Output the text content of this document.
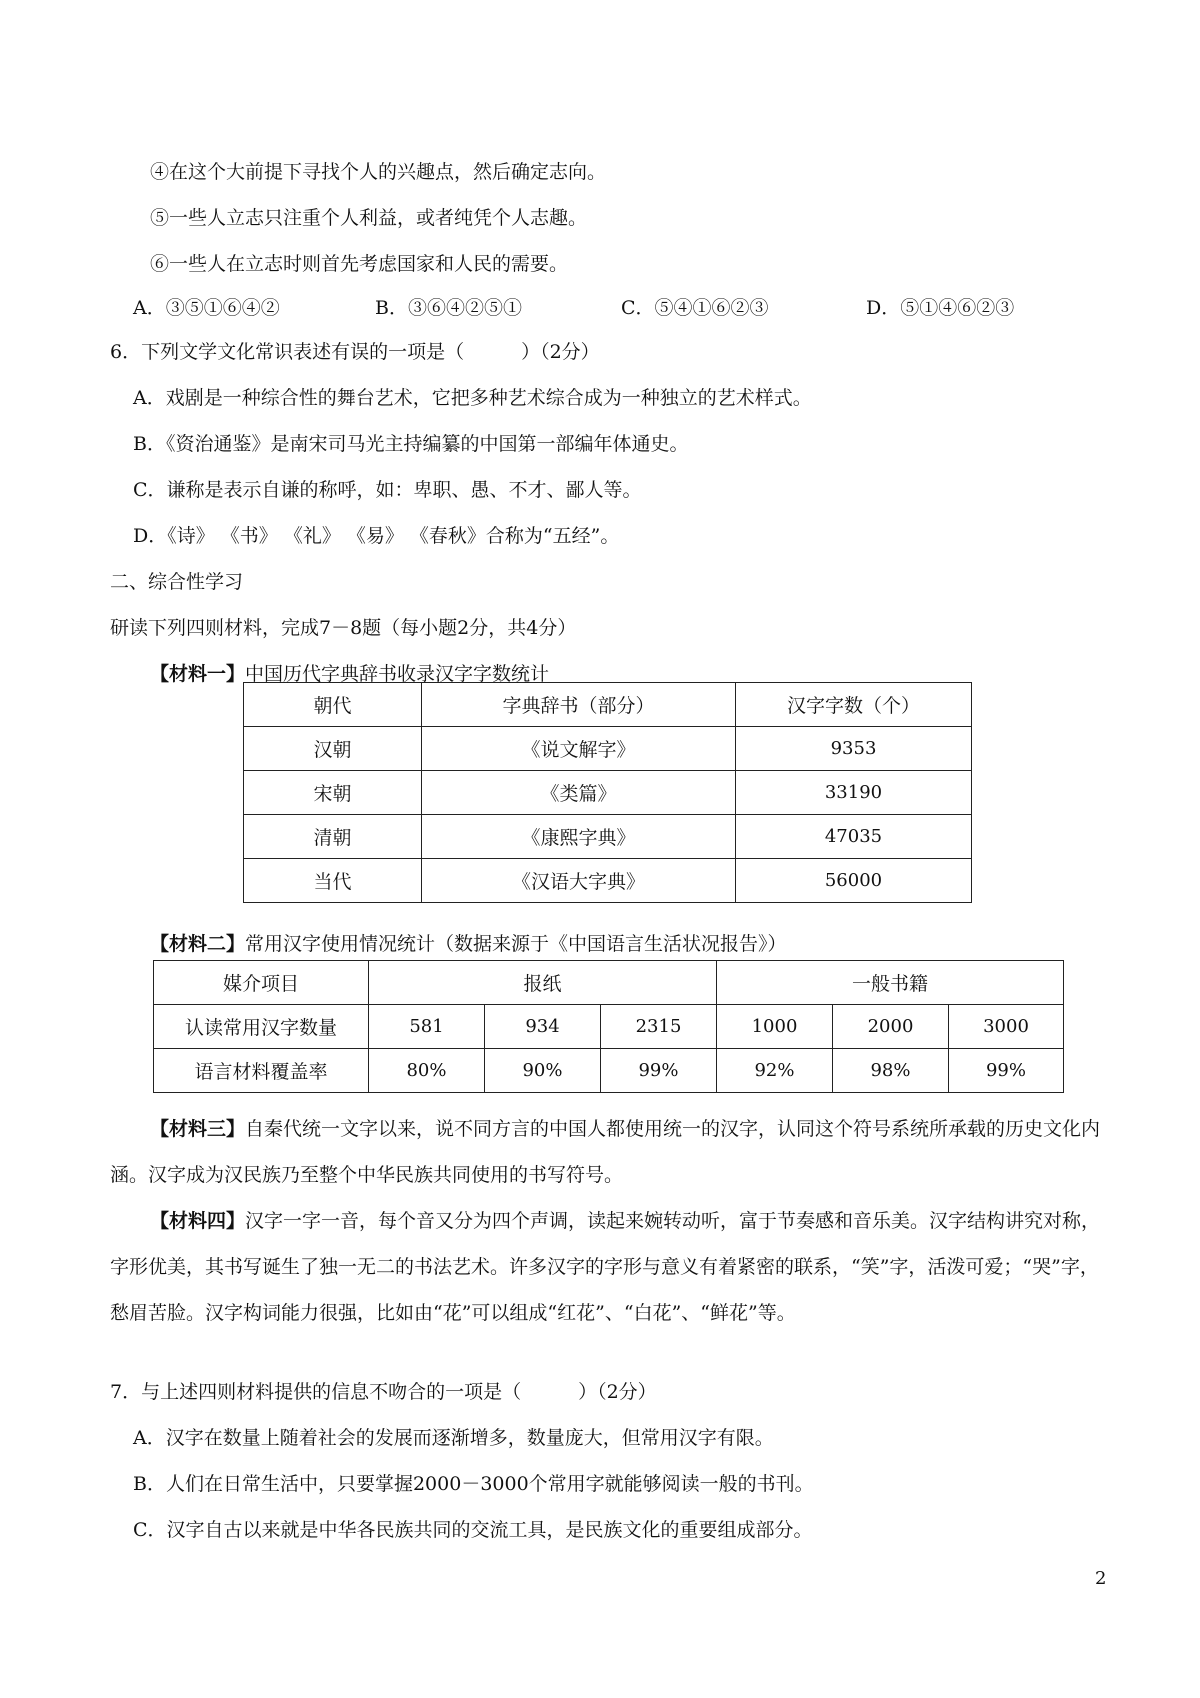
④在这个大前提下寻找个人的兴趣点，然后确定志向。
⑤一些人立志只注重个人利益，或者纯凭个人志趣。
⑥一些人在立志时则首先考虑国家和人民的需要。
A．③⑤①⑥④②	B．③⑥④②⑤①	C．⑤④①⑥②③	D．⑤①④⑥②③
6．下列文学文化常识表述有误的一项是（　　　）（2分）
A．戏剧是一种综合性的舞台艺术，它把多种艺术综合成为一种独立的艺术样式。
B．《资治通鉴》是南宋司马光主持编纂的中国第一部编年体通史。
C．谦称是表示自谦的称呼，如：卑职、愚、不才、鄙人等。
D．《诗》 《书》 《礼》 《易》 《春秋》合称为“五经”。
二、综合性学习
研读下列四则材料，完成7－8题（每小题2分，共4分）
【材料一】中国历代字典辞书收录汉字字数统计
朝代	字典辞书（部分）	汉字字数（个）
汉朝	《说文解字》	9353
宋朝	《类篇》	33190
清朝	《康熙字典》	47035
当代	《汉语大字典》	56000
【材料二】常用汉字使用情况统计（数据来源于《中国语言生活状况报告》）
媒介项目	报纸			一般书籍		
认读常用汉字数量	581	934	2315	1000	2000	3000
语言材料覆盖率	80%	90%	99%	92%	98%	99%
【材料三】自秦代统一文字以来，说不同方言的中国人都使用统一的汉字，认同这个符号系统所承载的历史文化内涵。汉字成为汉民族乃至整个中华民族共同使用的书写符号。
【材料四】汉字一字一音，每个音又分为四个声调，读起来婉转动听，富于节奏感和音乐美。汉字结构讲究对称，字形优美，其书写诞生了独一无二的书法艺术。许多汉字的字形与意义有着紧密的联系，“笑”字，活泼可爱；“哭”字，愁眉苦脸。汉字构词能力很强，比如由“花”可以组成“红花”、“白花”、“鲜花”等。
7．与上述四则材料提供的信息不吻合的一项是（　　　）（2分）
A．汉字在数量上随着社会的发展而逐渐增多，数量庞大，但常用汉字有限。
B．人们在日常生活中，只要掌握2000－3000个常用字就能够阅读一般的书刊。
C．汉字自古以来就是中华各民族共同的交流工具，是民族文化的重要组成部分。
2
